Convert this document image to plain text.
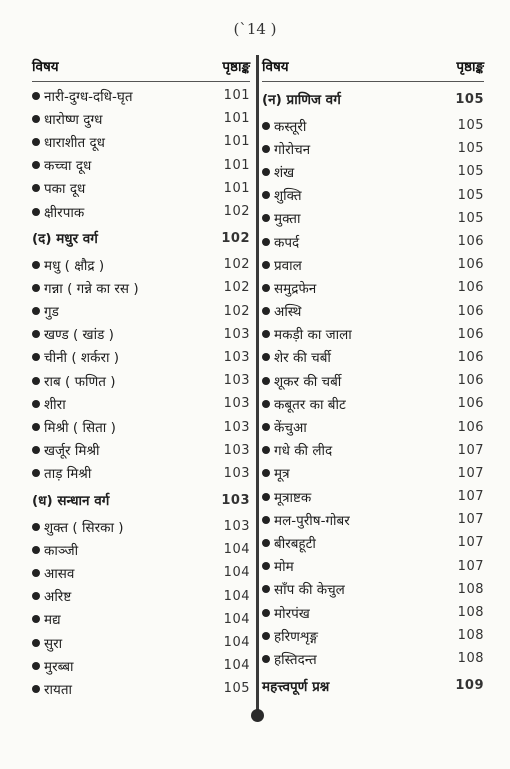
(`14 )
विषय	पृष्ठाङ्क
नारी-दुग्ध-दधि-घृत	101
धारोष्ण दुग्ध	101
धाराशीत दूध	101
कच्चा दूध	101
पका दूध	101
क्षीरपाक	102
(द) मधुर वर्ग	102
मधु ( क्षौद्र )	102
गन्ना ( गन्ने का रस )	102
गुड	102
खण्ड ( खांड )	103
चीनी ( शर्करा )	103
राब ( फणित )	103
शीरा	103
मिश्री ( सिता )	103
खर्जूर मिश्री	103
ताड़ मिश्री	103
(ध) सन्धान वर्ग	103
शुक्त ( सिरका )	103
काञ्जी	104
आसव	104
अरिष्ट	104
मद्य	104
सुरा	104
मुरब्बा	104
रायता	105
विषय	पृष्ठाङ्क
(न) प्राणिज वर्ग	105
कस्तूरी	105
गोरोचन	105
शंख	105
शुक्ति	105
मुक्ता	105
कपर्द	106
प्रवाल	106
समुद्रफेन	106
अस्थि	106
मकड़ी का जाला	106
शेर की चर्बी	106
शूकर की चर्बी	106
कबूतर का बीट	106
केंचुआ	106
गधे की लीद	107
मूत्र	107
मूत्राष्टक	107
मल-पुरीष-गोबर	107
बीरबहूटी	107
मोम	107
साँप की केचुल	108
मोरपंख	108
हरिणशृङ्ग	108
हस्तिदन्त	108
महत्त्वपूर्ण प्रश्न	109
